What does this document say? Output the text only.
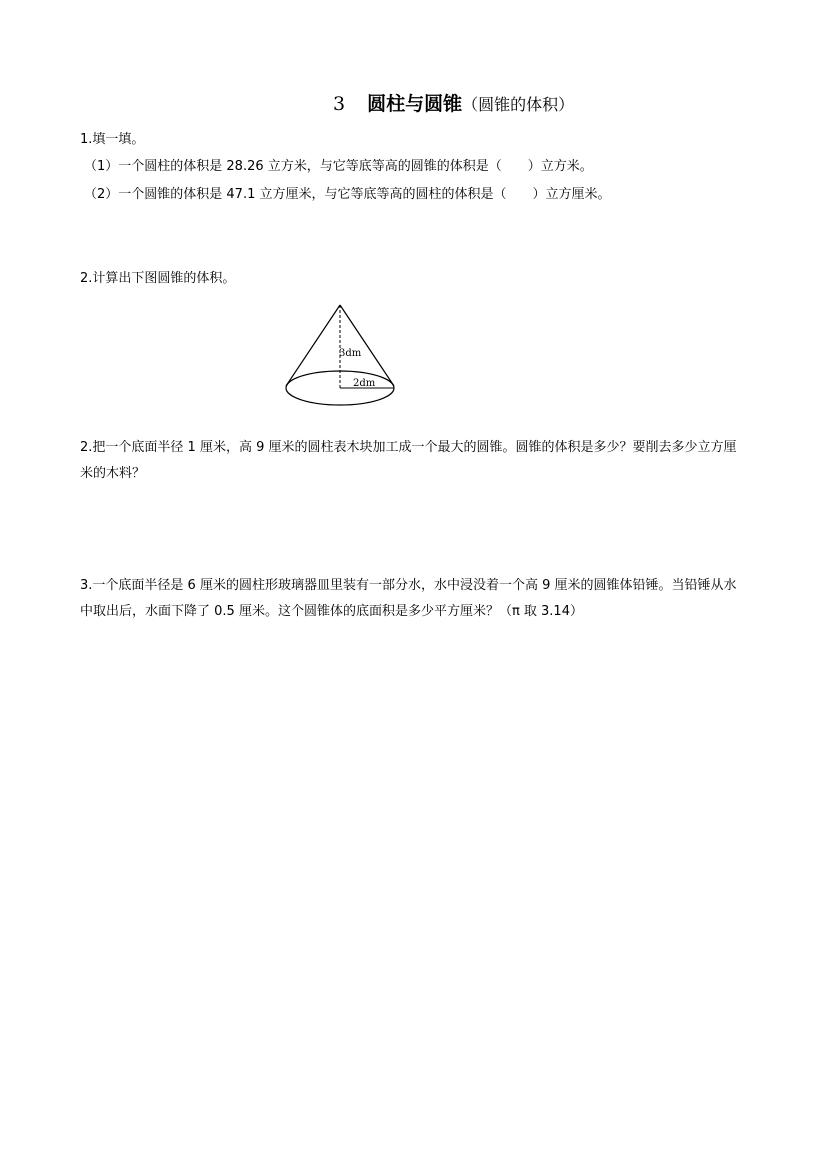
3 圆柱与圆锥（圆锥的体积）
1.填一填。
（1）一个圆柱的体积是 28.26 立方米，与它等底等高的圆锥的体积是（　　）立方米。
（2）一个圆锥的体积是 47.1 立方厘米，与它等底等高的圆柱的体积是（　　）立方厘米。
2.计算出下图圆锥的体积。
3dm
2dm
2.把一个底面半径 1 厘米，高 9 厘米的圆柱表木块加工成一个最大的圆锥。圆锥的体积是多少？要削去多少立方厘米的木料？
3.一个底面半径是 6 厘米的圆柱形玻璃器皿里装有一部分水，水中浸没着一个高 9 厘米的圆锥体铅锤。当铅锤从水中取出后，水面下降了 0.5 厘米。这个圆锥体的底面积是多少平方厘米？（π 取 3.14）
